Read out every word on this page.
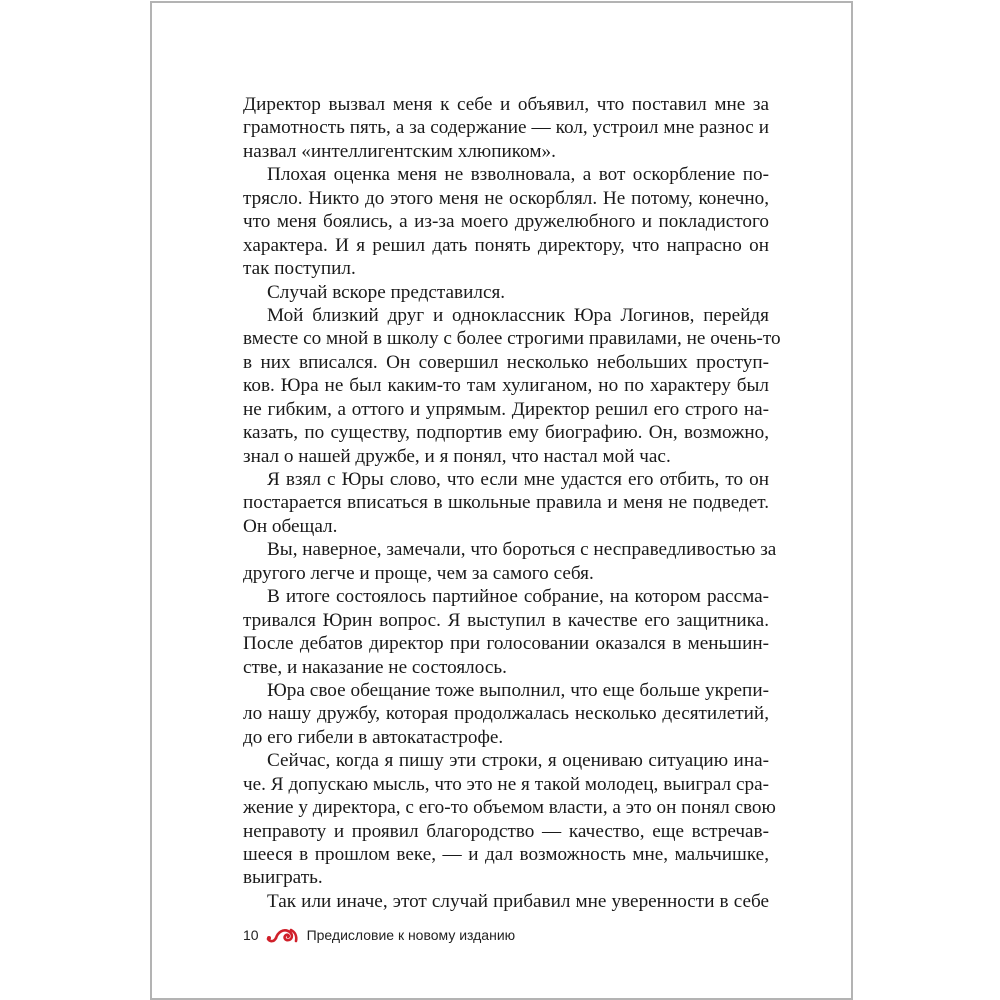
Директор вызвал меня к себе и объявил, что поставил мне за
грамотность пять, а за содержание — кол, устроил мне разнос и
назвал «интеллигентским хлюпиком».
Плохая оценка меня не взволновала, а вот оскорбление по-
трясло. Никто до этого меня не оскорблял. Не потому, конечно,
что меня боялись, а из-за моего дружелюбного и покладистого
характера. И я решил дать понять директору, что напрасно он
так поступил.
Случай вскоре представился.
Мой близкий друг и одноклассник Юра Логинов, перейдя
вместе со мной в школу с более строгими правилами, не очень-то
в них вписался. Он совершил несколько небольших проступ-
ков. Юра не был каким-то там хулиганом, но по характеру был
не гибким, а оттого и упрямым. Директор решил его строго на-
казать, по существу, подпортив ему биографию. Он, возможно,
знал о нашей дружбе, и я понял, что настал мой час.
Я взял с Юры слово, что если мне удастся его отбить, то он
постарается вписаться в школьные правила и меня не подведет.
Он обещал.
Вы, наверное, замечали, что бороться с несправедливостью за
другого легче и проще, чем за самого себя.
В итоге состоялось партийное собрание, на котором рассма-
тривался Юрин вопрос. Я выступил в качестве его защитника.
После дебатов директор при голосовании оказался в меньшин-
стве, и наказание не состоялось.
Юра свое обещание тоже выполнил, что еще больше укрепи-
ло нашу дружбу, которая продолжалась несколько десятилетий,
до его гибели в автокатастрофе.
Сейчас, когда я пишу эти строки, я оцениваю ситуацию ина-
че. Я допускаю мысль, что это не я такой молодец, выиграл сра-
жение у директора, с его-то объемом власти, а это он понял свою
неправоту и проявил благородство — качество, еще встречав-
шееся в прошлом веке, — и дал возможность мне, мальчишке,
выиграть.
Так или иначе, этот случай прибавил мне уверенности в себе
10	Предисловие к новому изданию
